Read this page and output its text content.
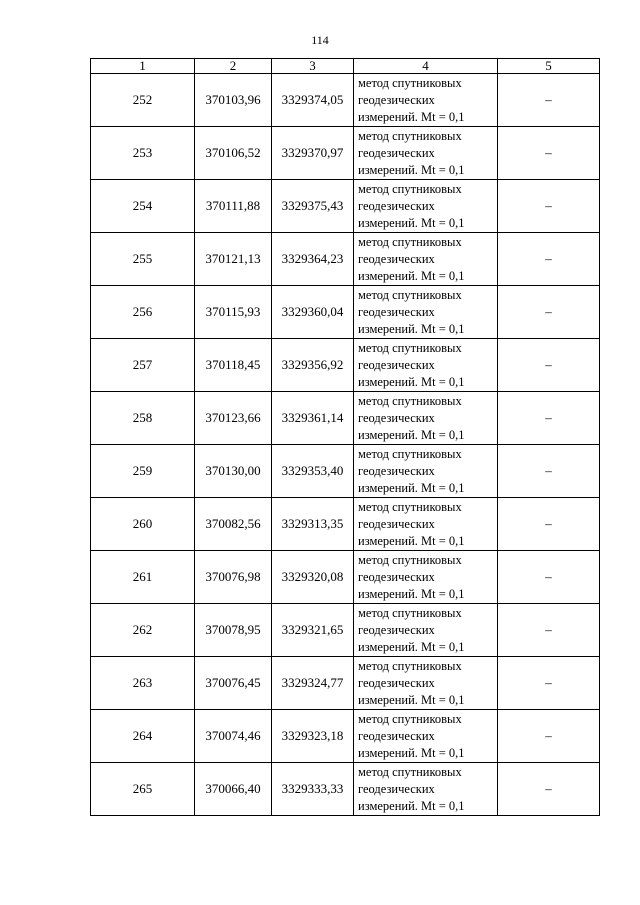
114
1	2	3	4	5
252	370103,96	3329374,05	метод спутниковых
геодезических
измерений. Mt = 0,1	–
253	370106,52	3329370,97	метод спутниковых
геодезических
измерений. Mt = 0,1	–
254	370111,88	3329375,43	метод спутниковых
геодезических
измерений. Mt = 0,1	–
255	370121,13	3329364,23	метод спутниковых
геодезических
измерений. Mt = 0,1	–
256	370115,93	3329360,04	метод спутниковых
геодезических
измерений. Mt = 0,1	–
257	370118,45	3329356,92	метод спутниковых
геодезических
измерений. Mt = 0,1	–
258	370123,66	3329361,14	метод спутниковых
геодезических
измерений. Mt = 0,1	–
259	370130,00	3329353,40	метод спутниковых
геодезических
измерений. Mt = 0,1	–
260	370082,56	3329313,35	метод спутниковых
геодезических
измерений. Mt = 0,1	–
261	370076,98	3329320,08	метод спутниковых
геодезических
измерений. Mt = 0,1	–
262	370078,95	3329321,65	метод спутниковых
геодезических
измерений. Mt = 0,1	–
263	370076,45	3329324,77	метод спутниковых
геодезических
измерений. Mt = 0,1	–
264	370074,46	3329323,18	метод спутниковых
геодезических
измерений. Mt = 0,1	–
265	370066,40	3329333,33	метод спутниковых
геодезических
измерений. Mt = 0,1	–
